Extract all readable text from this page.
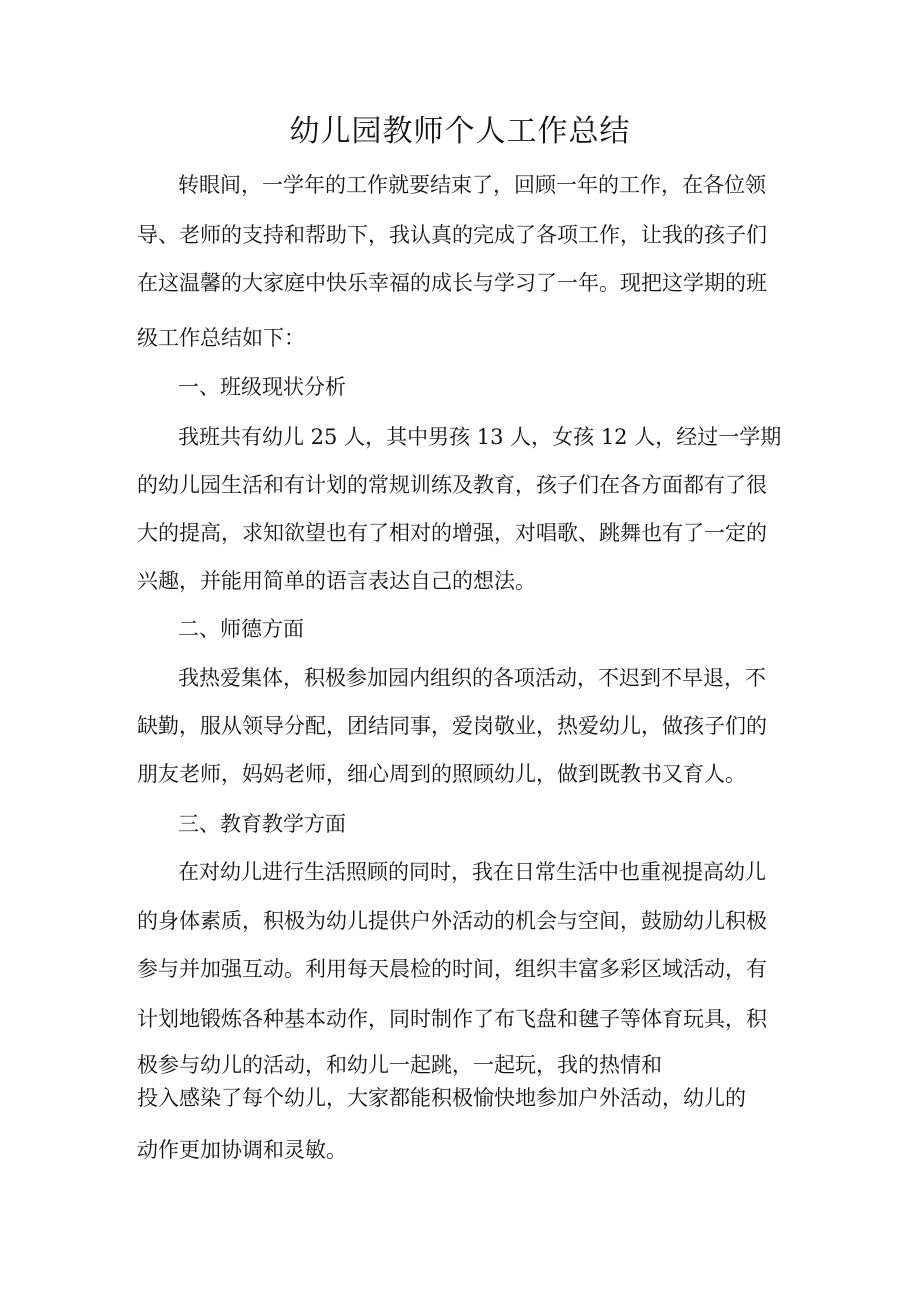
幼儿园教师个人工作总结
转眼间，一学年的工作就要结束了，回顾一年的工作，在各位领
导、老师的支持和帮助下，我认真的完成了各项工作，让我的孩子们
在这温馨的大家庭中快乐幸福的成长与学习了一年。现把这学期的班
级工作总结如下：
一、班级现状分析
我班共有幼儿 25 人，其中男孩 13 人，女孩 12 人，经过一学期
的幼儿园生活和有计划的常规训练及教育，孩子们在各方面都有了很
大的提高，求知欲望也有了相对的增强，对唱歌、跳舞也有了一定的
兴趣，并能用简单的语言表达自己的想法。
二、师德方面
我热爱集体，积极参加园内组织的各项活动，不迟到不早退，不
缺勤，服从领导分配，团结同事，爱岗敬业，热爱幼儿，做孩子们的
朋友老师，妈妈老师，细心周到的照顾幼儿，做到既教书又育人。
三、教育教学方面
在对幼儿进行生活照顾的同时，我在日常生活中也重视提高幼儿
的身体素质，积极为幼儿提供户外活动的机会与空间，鼓励幼儿积极
参与并加强互动。利用每天晨检的时间，组织丰富多彩区域活动，有
计划地锻炼各种基本动作，同时制作了布飞盘和毽子等体育玩具，积
极参与幼儿的活动，和幼儿一起跳，一起玩，我的热情和
投入感染了每个幼儿，大家都能积极愉快地参加户外活动，幼儿的
动作更加协调和灵敏。
